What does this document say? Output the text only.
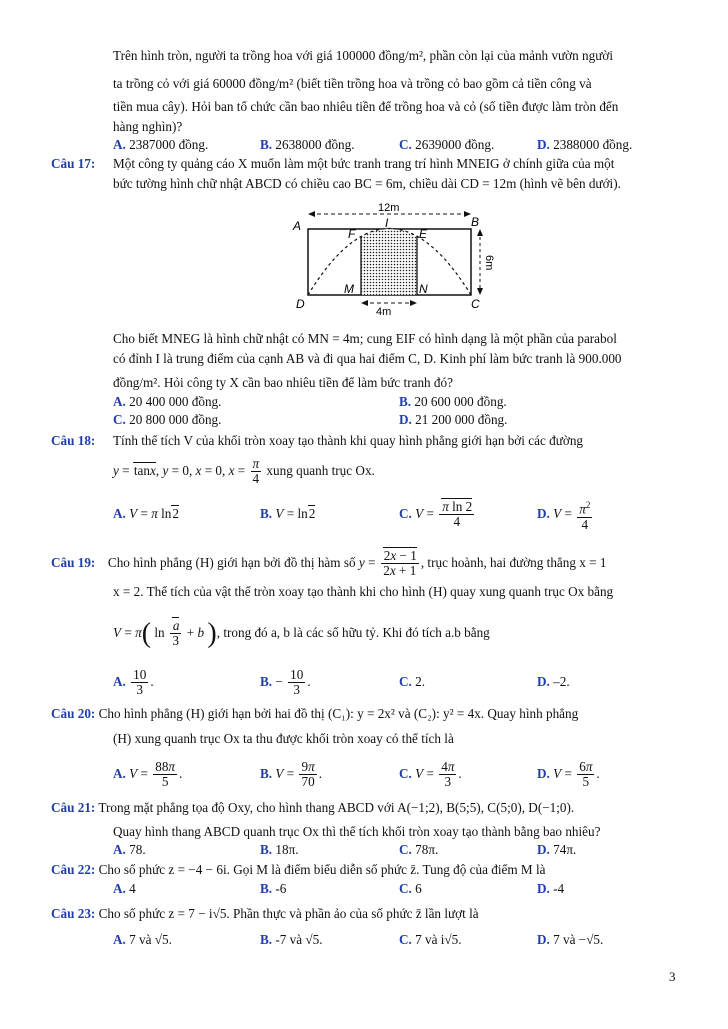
Trên hình tròn, người ta trồng hoa với giá 100000 đồng/m², phần còn lại của mảnh vườn người
ta trồng cỏ với giá 60000 đồng/m² (biết tiền trồng hoa và trồng cỏ bao gồm cả tiền công và
tiền mua cây). Hỏi ban tổ chức cần bao nhiêu tiền để trồng hoa và cỏ (số tiền được làm tròn đến
hàng nghìn)?
A. 2387000 đồng.	B. 2638000 đồng.	C. 2639000 đồng.	D. 2388000 đồng.
Câu 17: Một công ty quảng cáo X muốn làm một bức tranh trang trí hình MNEIG ở chính giữa của một
bức tường hình chữ nhật ABCD có chiều cao BC = 6m, chiều dài CD = 12m (hình vẽ bên dưới).
12m
6m
4m
A	B
C
D
F	E
I
M	N
Cho biết MNEG là hình chữ nhật có MN = 4m; cung EIF có hình dạng là một phần của parabol
có đỉnh I là trung điểm của cạnh AB và đi qua hai điểm C, D. Kinh phí làm bức tranh là 900.000
đồng/m². Hỏi công ty X cần bao nhiêu tiền để làm bức tranh đó?
A. 20 400 000 đồng.	B. 20 600 000 đồng.
C. 20 800 000 đồng.	D. 21 200 000 đồng.
Câu 18: Tính thể tích V của khối tròn xoay tạo thành khi quay hình phẳng giới hạn bởi các đường
y = tanx, y = 0, x = 0, $x = \frac{\pi}{4}$ xung quanh trục Ox.
A. V = π ln2	B. V = ln2	C. $V = \frac{\text{π ln 2}}{4}$	D. $V = \frac{\pi^2}{4}$
Câu 19: Cho hình phẳng (H) giới hạn bởi đồ thị hàm số $y = \frac{2x - 1}{2x + 1}$ , trục hoành, hai đường thẳng x = 1
x = 2. Thể tích của vật thể tròn xoay tạo thành khi cho hình (H) quay xung quanh trục Ox bằng
V = π( $\ln \frac{a}{3} + b$ ), trong đó a, b là các số hữu tỷ. Khi đó tích a.b bằng
A. $\frac{10}{3}$ .	B. − $\frac{10}{3}$ .	C. 2.	D. –2.
Câu 20: Cho hình phẳng (H) giới hạn bởi hai đồ thị (C₁): y = 2x² và (C₂): y² = 4x. Quay hình phẳng
(H) xung quanh trục Ox ta thu được khối tròn xoay có thể tích là
A. $V = \frac{88\pi}{5}$ .	B. $V = \frac{9\pi}{70}$ .	C. $V = \frac{4\pi}{3}$ .	D. $V = \frac{6\pi}{5}$ .
Câu 21: Trong mặt phẳng tọa độ Oxy, cho hình thang ABCD với A(−1;2), B(5;5), C(5;0), D(−1;0).
Quay hình thang ABCD quanh trục Ox thì thể tích khối tròn xoay tạo thành bằng bao nhiêu?
A. 78.	B. 18π.	C. 78π.	D. 74π.
Câu 22: Cho số phức z = −4 − 6i. Gọi M là điểm biểu diễn số phức z̄. Tung độ của điểm M là
A. 4	B. -6	C. 6	D. -4
Câu 23: Cho số phức z = 7 − i√5. Phần thực và phần ảo của số phức z̄ lần lượt là
A. 7 và √5.	B. -7 và √5.	C. 7 và i√5.	D. 7 và −√5.
3
